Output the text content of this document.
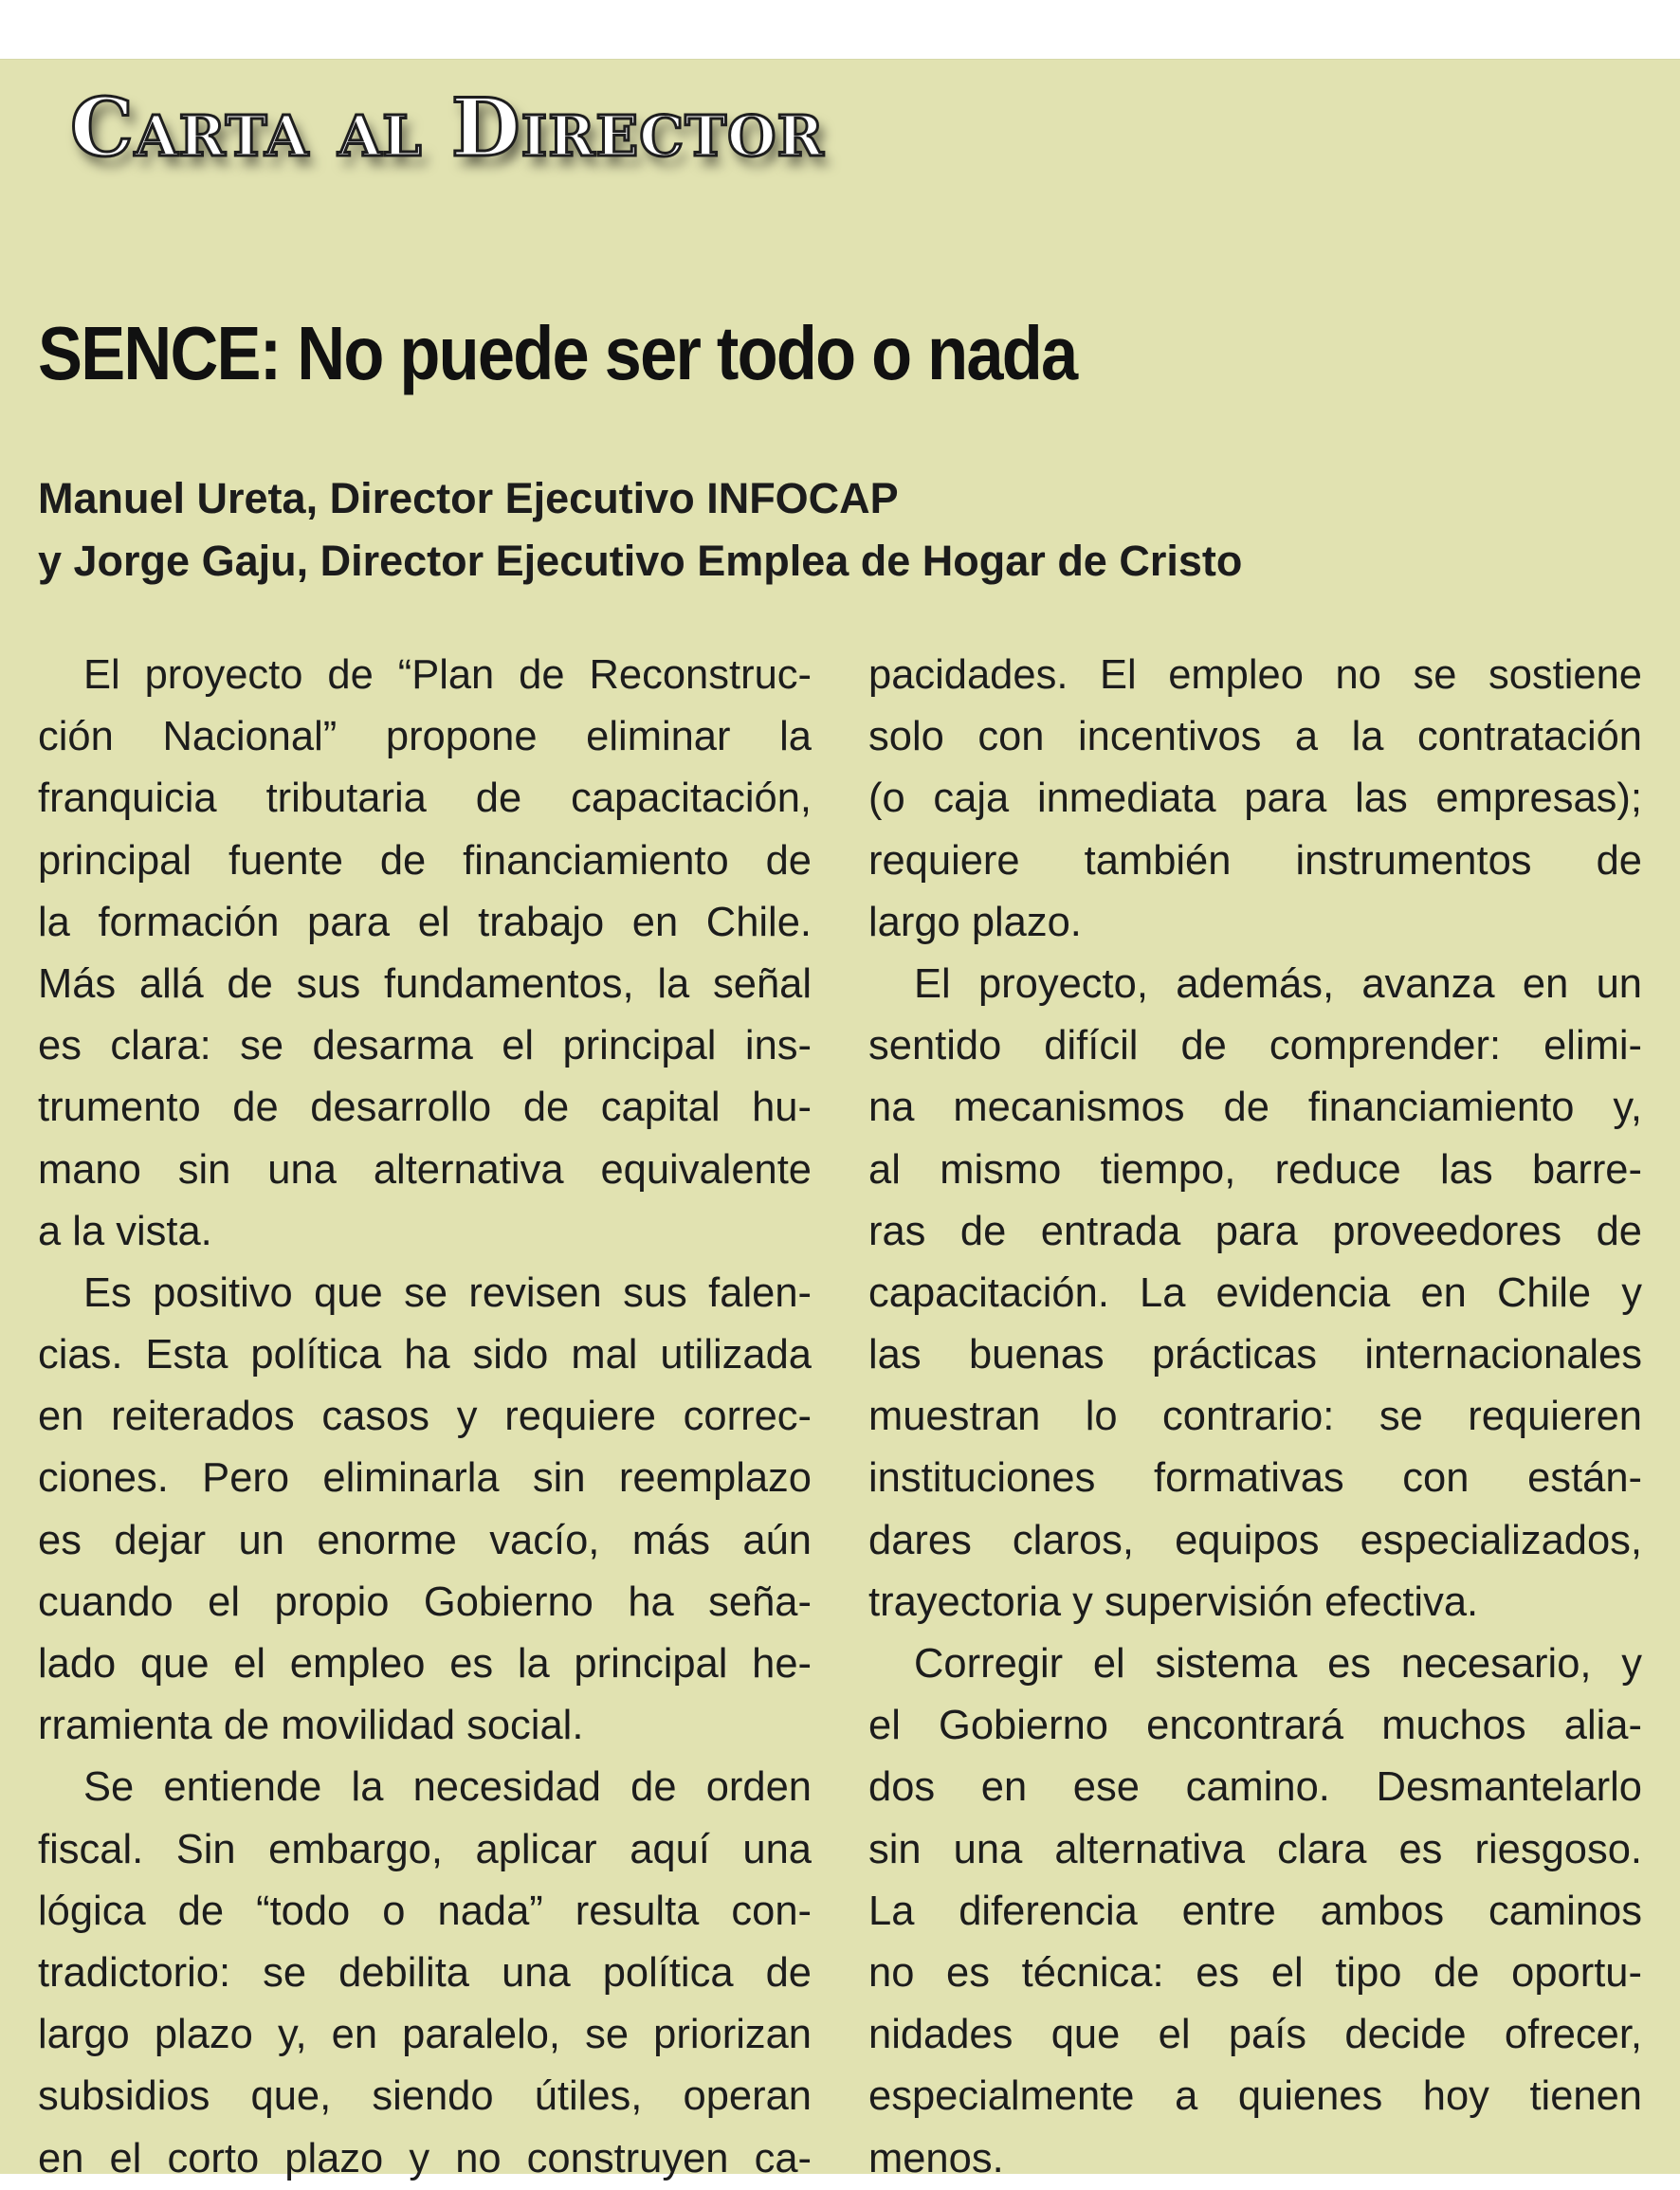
Carta al Director
SENCE: No puede ser todo o nada
Manuel Ureta, Director Ejecutivo INFOCAP
y Jorge Gaju, Director Ejecutivo Emplea de Hogar de Cristo
El proyecto de “Plan de Reconstruc-
ción Nacional” propone eliminar la
franquicia tributaria de capacitación,
principal fuente de financiamiento de
la formación para el trabajo en Chile.
Más allá de sus fundamentos, la señal
es clara: se desarma el principal ins-
trumento de desarrollo de capital hu-
mano sin una alternativa equivalente
a la vista.
Es positivo que se revisen sus falen-
cias. Esta política ha sido mal utilizada
en reiterados casos y requiere correc-
ciones. Pero eliminarla sin reemplazo
es dejar un enorme vacío, más aún
cuando el propio Gobierno ha seña-
lado que el empleo es la principal he-
rramienta de movilidad social.
Se entiende la necesidad de orden
fiscal. Sin embargo, aplicar aquí una
lógica de “todo o nada” resulta con-
tradictorio: se debilita una política de
largo plazo y, en paralelo, se priorizan
subsidios que, siendo útiles, operan
en el corto plazo y no construyen ca-
pacidades. El empleo no se sostiene
solo con incentivos a la contratación
(o caja inmediata para las empresas);
requiere también instrumentos de
largo plazo.
El proyecto, además, avanza en un
sentido difícil de comprender: elimi-
na mecanismos de financiamiento y,
al mismo tiempo, reduce las barre-
ras de entrada para proveedores de
capacitación. La evidencia en Chile y
las buenas prácticas internacionales
muestran lo contrario: se requieren
instituciones formativas con están-
dares claros, equipos especializados,
trayectoria y supervisión efectiva.
Corregir el sistema es necesario, y
el Gobierno encontrará muchos alia-
dos en ese camino. Desmantelarlo
sin una alternativa clara es riesgoso.
La diferencia entre ambos caminos
no es técnica: es el tipo de oportu-
nidades que el país decide ofrecer,
especialmente a quienes hoy tienen
menos.
